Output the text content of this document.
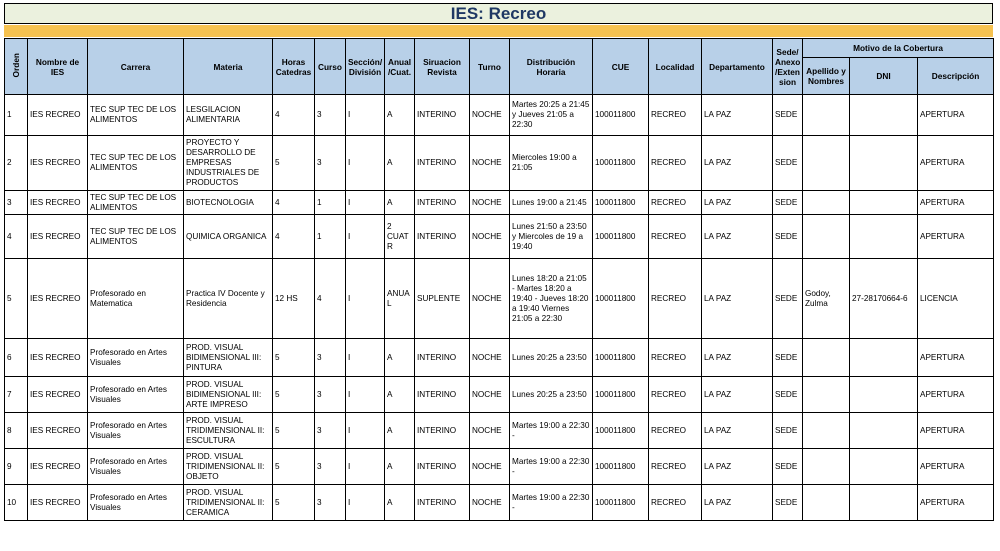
IES: Recreo
Orden	Nombre de IES	Carrera	Materia	Horas Catedras	Curso	Sección/ División	Anual /Cuat.	Siruacion Revista	Turno	Distribución Horaria	CUE	Localidad	Departamento	Sede/ Anexo /Exten sion	Motivo de la Cobertura		
															Apellido y Nombres	DNI	Descripción
1	IES RECREO	TEC SUP TEC DE LOS ALIMENTOS	LESGILACION ALIMENTARIA	4	3	I	A	INTERINO	NOCHE	Martes 20:25 a 21:45 y Jueves 21:05 a 22:30	100011800	RECREO	LA PAZ	SEDE			APERTURA
2	IES RECREO	TEC SUP TEC DE LOS ALIMENTOS	PROYECTO Y DESARROLLO DE EMPRESAS INDUSTRIALES DE PRODUCTOS	5	3	I	A	INTERINO	NOCHE	Miercoles 19:00 a 21:05	100011800	RECREO	LA PAZ	SEDE			APERTURA
3	IES RECREO	TEC SUP TEC DE LOS ALIMENTOS	BIOTECNOLOGIA	4	1	I	A	INTERINO	NOCHE	Lunes 19:00 a 21:45	100011800	RECREO	LA PAZ	SEDE			APERTURA
4	IES RECREO	TEC SUP TEC DE LOS ALIMENTOS	QUIMICA ORGANICA	4	1	I	2 CUAT R	INTERINO	NOCHE	Lunes 21:50 a 23:50 y Miercoles de 19 a 19:40	100011800	RECREO	LA PAZ	SEDE			APERTURA
5	IES RECREO	Profesorado en Matematica	Practica IV Docente y Residencia	12 HS	4	I	ANUA L	SUPLENTE	NOCHE	Lunes 18:20 a 21:05 - Martes 18:20 a 19:40 - Jueves 18:20 a 19:40 Viernes 21:05 a 22:30	100011800	RECREO	LA PAZ	SEDE	Godoy, Zulma	27-28170664-6	LICENCIA
6	IES RECREO	Profesorado en Artes Visuales	PROD. VISUAL BIDIMENSIONAL III: PINTURA	5	3	I	A	INTERINO	NOCHE	Lunes 20:25 a 23:50	100011800	RECREO	LA PAZ	SEDE			APERTURA
7	IES RECREO	Profesorado en Artes Visuales	PROD. VISUAL BIDIMENSIONAL III: ARTE IMPRESO	5	3	I	A	INTERINO	NOCHE	Lunes 20:25 a 23:50	100011800	RECREO	LA PAZ	SEDE			APERTURA
8	IES RECREO	Profesorado en Artes Visuales	PROD. VISUAL TRIDIMENSIONAL II: ESCULTURA	5	3	I	A	INTERINO	NOCHE	Martes 19:00 a 22:30 -	100011800	RECREO	LA PAZ	SEDE			APERTURA
9	IES RECREO	Profesorado en Artes Visuales	PROD. VISUAL TRIDIMENSIONAL II: OBJETO	5	3	I	A	INTERINO	NOCHE	Martes 19:00 a 22:30 -	100011800	RECREO	LA PAZ	SEDE			APERTURA
10	IES RECREO	Profesorado en Artes Visuales	PROD. VISUAL TRIDIMENSIONAL II: CERAMICA	5	3	I	A	INTERINO	NOCHE	Martes 19:00 a 22:30 -	100011800	RECREO	LA PAZ	SEDE			APERTURA
